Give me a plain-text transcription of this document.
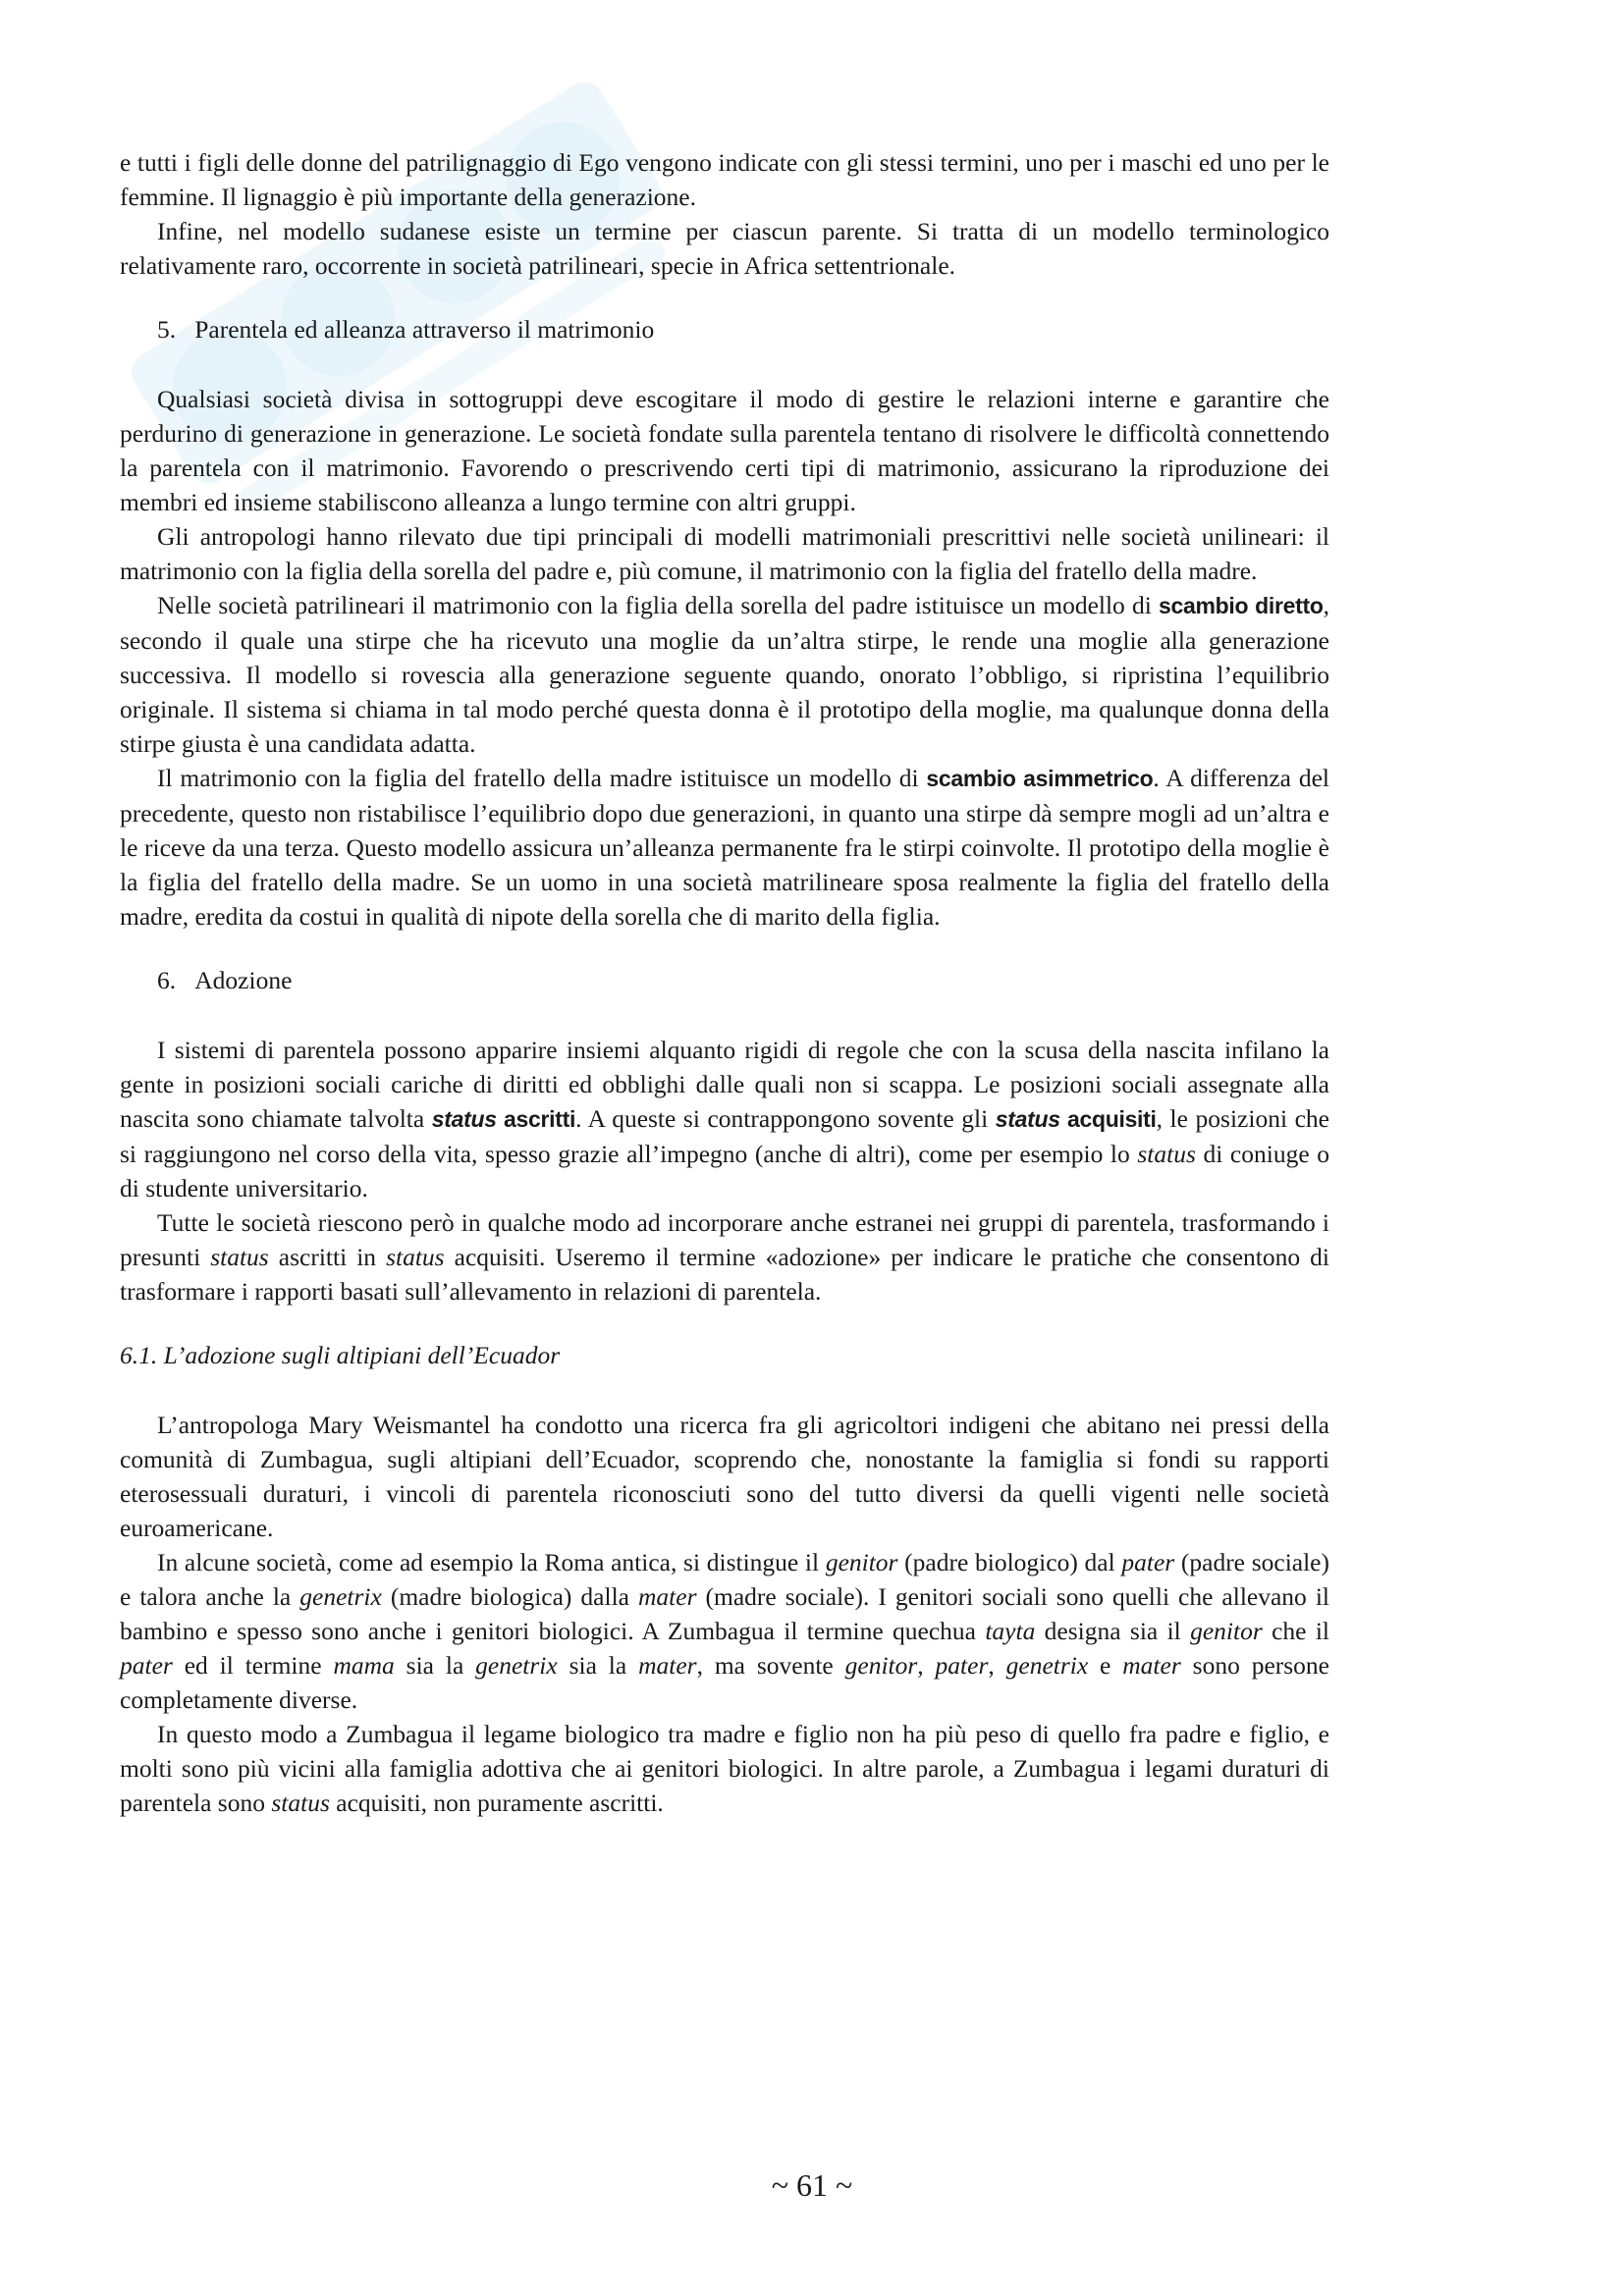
e tutti i figli delle donne del patrilignaggio di Ego vengono indicate con gli stessi termini, uno per i maschi ed uno per le femmine. Il lignaggio è più importante della generazione.

Infine, nel modello sudanese esiste un termine per ciascun parente. Si tratta di un modello terminologico relativamente raro, occorrente in società patrilineari, specie in Africa settentrionale.

5.   Parentela ed alleanza attraverso il matrimonio

Qualsiasi società divisa in sottogruppi deve escogitare il modo di gestire le relazioni interne e garantire che perdurino di generazione in generazione. Le società fondate sulla parentela tentano di risolvere le difficoltà connettendo la parentela con il matrimonio. Favorendo o prescrivendo certi tipi di matrimonio, assicurano la riproduzione dei membri ed insieme stabiliscono alleanza a lungo termine con altri gruppi.

Gli antropologi hanno rilevato due tipi principali di modelli matrimoniali prescrittivi nelle società unilineari: il matrimonio con la figlia della sorella del padre e, più comune, il matrimonio con la figlia del fratello della madre.

Nelle società patrilineari il matrimonio con la figlia della sorella del padre istituisce un modello di scambio diretto, secondo il quale una stirpe che ha ricevuto una moglie da un’altra stirpe, le rende una moglie alla generazione successiva. Il modello si rovescia alla generazione seguente quando, onorato l’obbligo, si ripristina l’equilibrio originale. Il sistema si chiama in tal modo perché questa donna è il prototipo della moglie, ma qualunque donna della stirpe giusta è una candidata adatta.

Il matrimonio con la figlia del fratello della madre istituisce un modello di scambio asimmetrico. A differenza del precedente, questo non ristabilisce l’equilibrio dopo due generazioni, in quanto una stirpe dà sempre mogli ad un’altra e le riceve da una terza. Questo modello assicura un’alleanza permanente fra le stirpi coinvolte. Il prototipo della moglie è la figlia del fratello della madre. Se un uomo in una società matrilineare sposa realmente la figlia del fratello della madre, eredita da costui in qualità di nipote della sorella che di marito della figlia.

6.   Adozione

I sistemi di parentela possono apparire insiemi alquanto rigidi di regole che con la scusa della nascita infilano la gente in posizioni sociali cariche di diritti ed obblighi dalle quali non si scappa. Le posizioni sociali assegnate alla nascita sono chiamate talvolta status ascritti. A queste si contrappongono sovente gli status acquisiti, le posizioni che si raggiungono nel corso della vita, spesso grazie all’impegno (anche di altri), come per esempio lo status di coniuge o di studente universitario.

Tutte le società riescono però in qualche modo ad incorporare anche estranei nei gruppi di parentela, trasformando i presunti status ascritti in status acquisiti. Useremo il termine «adozione» per indicare le pratiche che consentono di trasformare i rapporti basati sull’allevamento in relazioni di parentela.

6.1. L’adozione sugli altipiani dell’Ecuador

L’antropologa Mary Weismantel ha condotto una ricerca fra gli agricoltori indigeni che abitano nei pressi della comunità di Zumbagua, sugli altipiani dell’Ecuador, scoprendo che, nonostante la famiglia si fondi su rapporti eterosessuali duraturi, i vincoli di parentela riconosciuti sono del tutto diversi da quelli vigenti nelle società euroamericane.

In alcune società, come ad esempio la Roma antica, si distingue il genitor (padre biologico) dal pater (padre sociale) e talora anche la genetrix (madre biologica) dalla mater (madre sociale). I genitori sociali sono quelli che allevano il bambino e spesso sono anche i genitori biologici. A Zumbagua il termine quechua tayta designa sia il genitor che il pater ed il termine mama sia la genetrix sia la mater, ma sovente genitor, pater, genetrix e mater sono persone completamente diverse.

In questo modo a Zumbagua il legame biologico tra madre e figlio non ha più peso di quello fra padre e figlio, e molti sono più vicini alla famiglia adottiva che ai genitori biologici. In altre parole, a Zumbagua i legami duraturi di parentela sono status acquisiti, non puramente ascritti.

~ 61 ~
